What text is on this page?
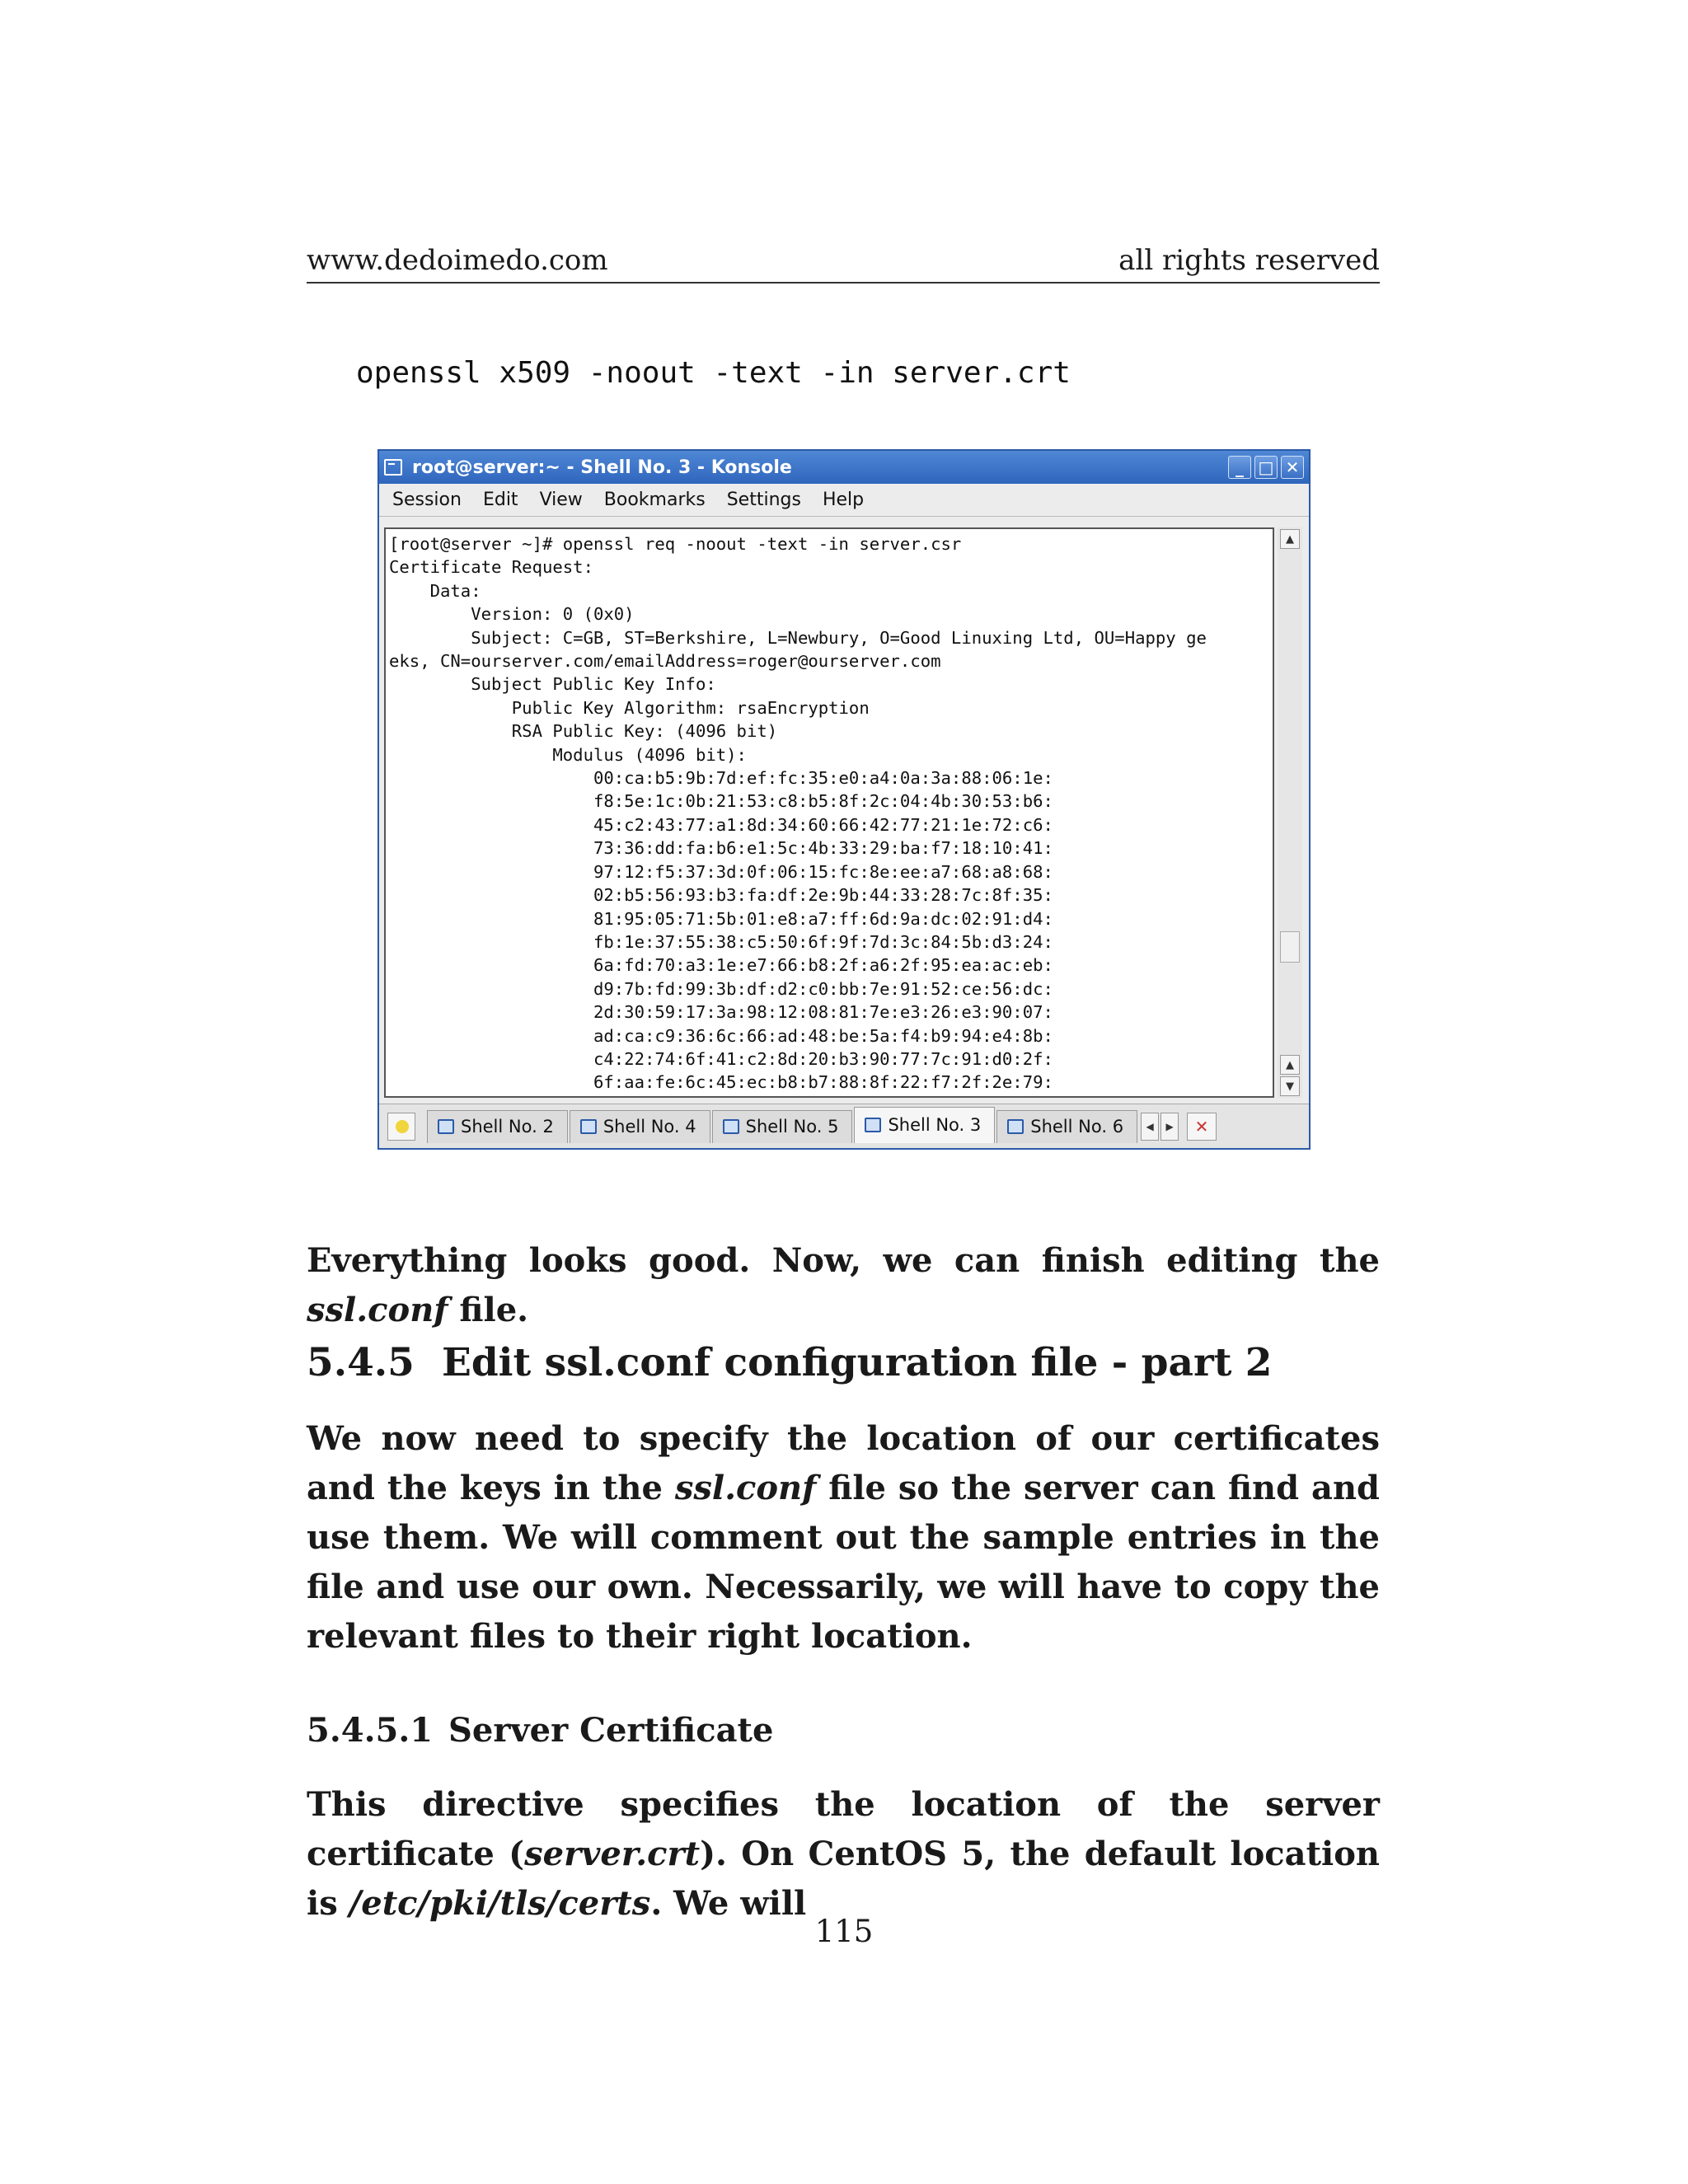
www.dedoimedo.com	all rights reserved
openssl x509 -noout -text -in server.crt
root@server:~ - Shell No. 3 - Konsole	_ □ ✕
Session Edit View Bookmarks Settings Help
[root@server ~]# openssl req -noout -text -in server.csr
Certificate Request:
Data:
Version: 0 (0x0)
Subject: C=GB, ST=Berkshire, L=Newbury, O=Good Linuxing Ltd, OU=Happy ge
eks, CN=ourserver.com/emailAddress=roger@ourserver.com
Subject Public Key Info:
Public Key Algorithm: rsaEncryption
RSA Public Key: (4096 bit)
Modulus (4096 bit):
00:ca:b5:9b:7d:ef:fc:35:e0:a4:0a:3a:88:06:1e:
f8:5e:1c:0b:21:53:c8:b5:8f:2c:04:4b:30:53:b6:
45:c2:43:77:a1:8d:34:60:66:42:77:21:1e:72:c6:
73:36:dd:fa:b6:e1:5c:4b:33:29:ba:f7:18:10:41:
97:12:f5:37:3d:0f:06:15:fc:8e:ee:a7:68:a8:68:
02:b5:56:93:b3:fa:df:2e:9b:44:33:28:7c:8f:35:
81:95:05:71:5b:01:e8:a7:ff:6d:9a:dc:02:91:d4:
fb:1e:37:55:38:c5:50:6f:9f:7d:3c:84:5b:d3:24:
6a:fd:70:a3:1e:e7:66:b8:2f:a6:2f:95:ea:ac:eb:
d9:7b:fd:99:3b:df:d2:c0:bb:7e:91:52:ce:56:dc:
2d:30:59:17:3a:98:12:08:81:7e:e3:26:e3:90:07:
ad:ca:c9:36:6c:66:ad:48:be:5a:f4:b9:94:e4:8b:
c4:22:74:6f:41:c2:8d:20:b3:90:77:7c:91:d0:2f:
6f:aa:fe:6c:45:ec:b8:b7:88:8f:22:f7:2f:2e:79:

▲
▲
▼
Shell No. 2	Shell No. 4	Shell No. 5	Shell No. 3	Shell No. 6	◀	▶	✕

Everything looks good. Now, we can finish editing the ssl.conf file.

5.4.5 Edit ssl.conf configuration file - part 2

We now need to specify the location of our certificates and the keys in the ssl.conf file so the server can find and use them. We will comment out the sample entries in the file and use our own. Necessarily, we will have to copy the relevant files to their right location.

5.4.5.1 Server Certificate

This directive specifies the location of the server certificate (server.crt). On CentOS 5, the default location is /etc/pki/tls/certs. We will

115
